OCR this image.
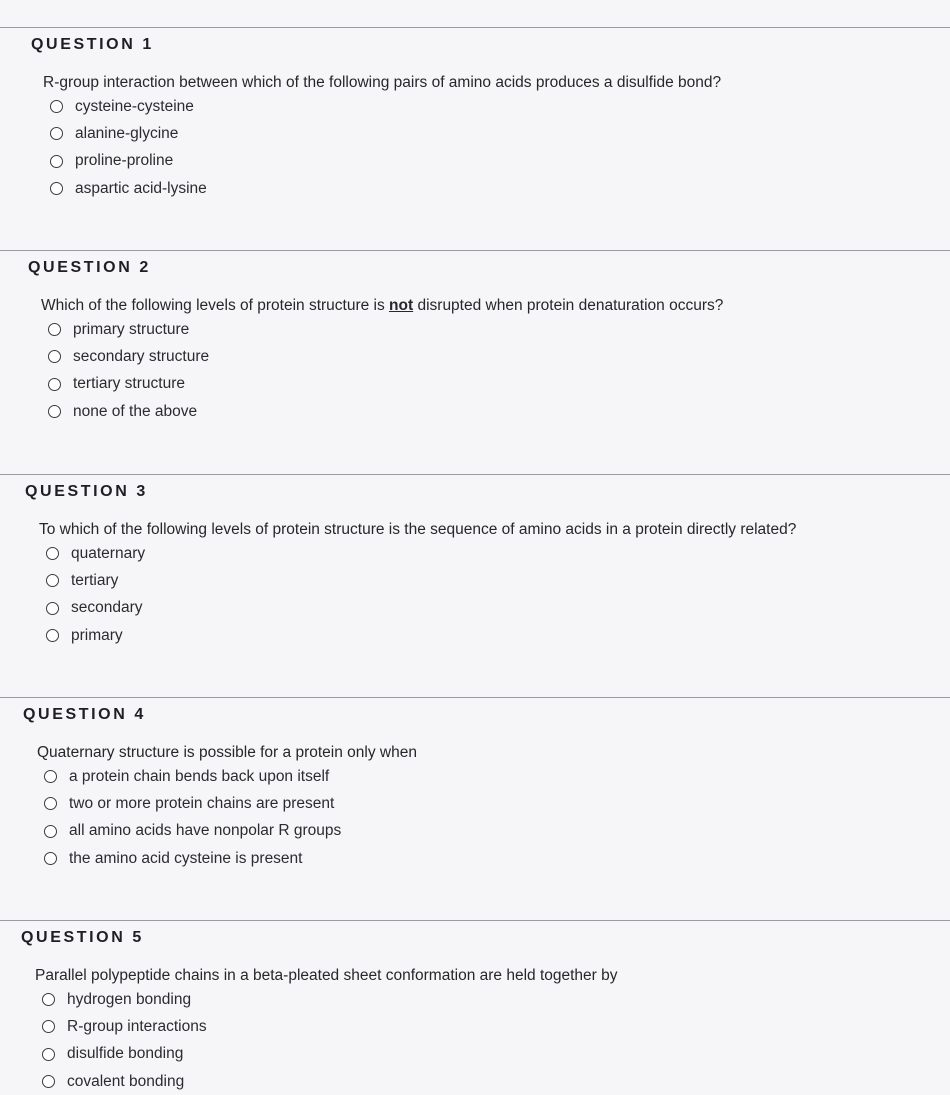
QUESTION 1
R-group interaction between which of the following pairs of amino acids produces a disulfide bond?
cysteine-cysteine
alanine-glycine
proline-proline
aspartic acid-lysine
QUESTION 2
Which of the following levels of protein structure is not disrupted when protein denaturation occurs?
primary structure
secondary structure
tertiary structure
none of the above
QUESTION 3
To which of the following levels of protein structure is the sequence of amino acids in a protein directly related?
quaternary
tertiary
secondary
primary
QUESTION 4
Quaternary structure is possible for a protein only when
a protein chain bends back upon itself
two or more protein chains are present
all amino acids have nonpolar R groups
the amino acid cysteine is present
QUESTION 5
Parallel polypeptide chains in a beta-pleated sheet conformation are held together by
hydrogen bonding
R-group interactions
disulfide bonding
covalent bonding
